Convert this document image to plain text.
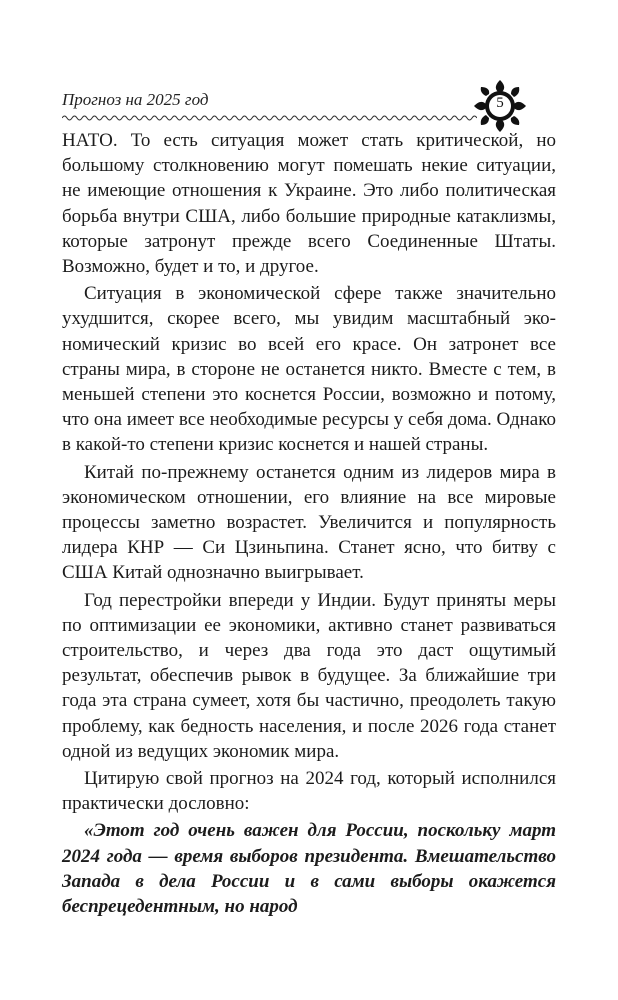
Прогноз на 2025 год	5

НАТО. То есть ситуация может стать критической, но большому столкновению могут помешать некие ситуации, не имеющие отношения к Украине. Это либо политическая борьба внутри США, либо большие природные катаклизмы, которые затронут прежде всего Соединенные Штаты. Возможно, будет и то, и другое.

Ситуация в экономической сфере также значительно ухудшится, скорее всего, мы увидим масштабный экономический кризис во всей его красе. Он затронет все страны мира, в стороне не останется никто. Вместе с тем, в меньшей степени это коснется России, возможно и потому, что она имеет все необходимые ресурсы у себя дома. Однако в какой-то степени кризис коснется и нашей страны.

Китай по-прежнему останется одним из лидеров мира в экономическом отношении, его влияние на все мировые процессы заметно возрастет. Увеличится и популярность лидера КНР — Си Цзиньпина. Станет ясно, что битву с США Китай однозначно выигрывает.

Год перестройки впереди у Индии. Будут приняты меры по оптимизации ее экономики, активно станет развиваться строительство, и через два года это даст ощутимый результат, обеспечив рывок в будущее. За ближайшие три года эта страна сумеет, хотя бы частично, преодолеть такую проблему, как бедность населения, и после 2026 года станет одной из ведущих экономик мира.

Цитирую свой прогноз на 2024 год, который исполнился практически дословно:

«Этот год очень важен для России, поскольку март 2024 года — время выборов президента. Вмешательство Запада в дела России и в сами выборы окажется беспрецедентным, но народ
